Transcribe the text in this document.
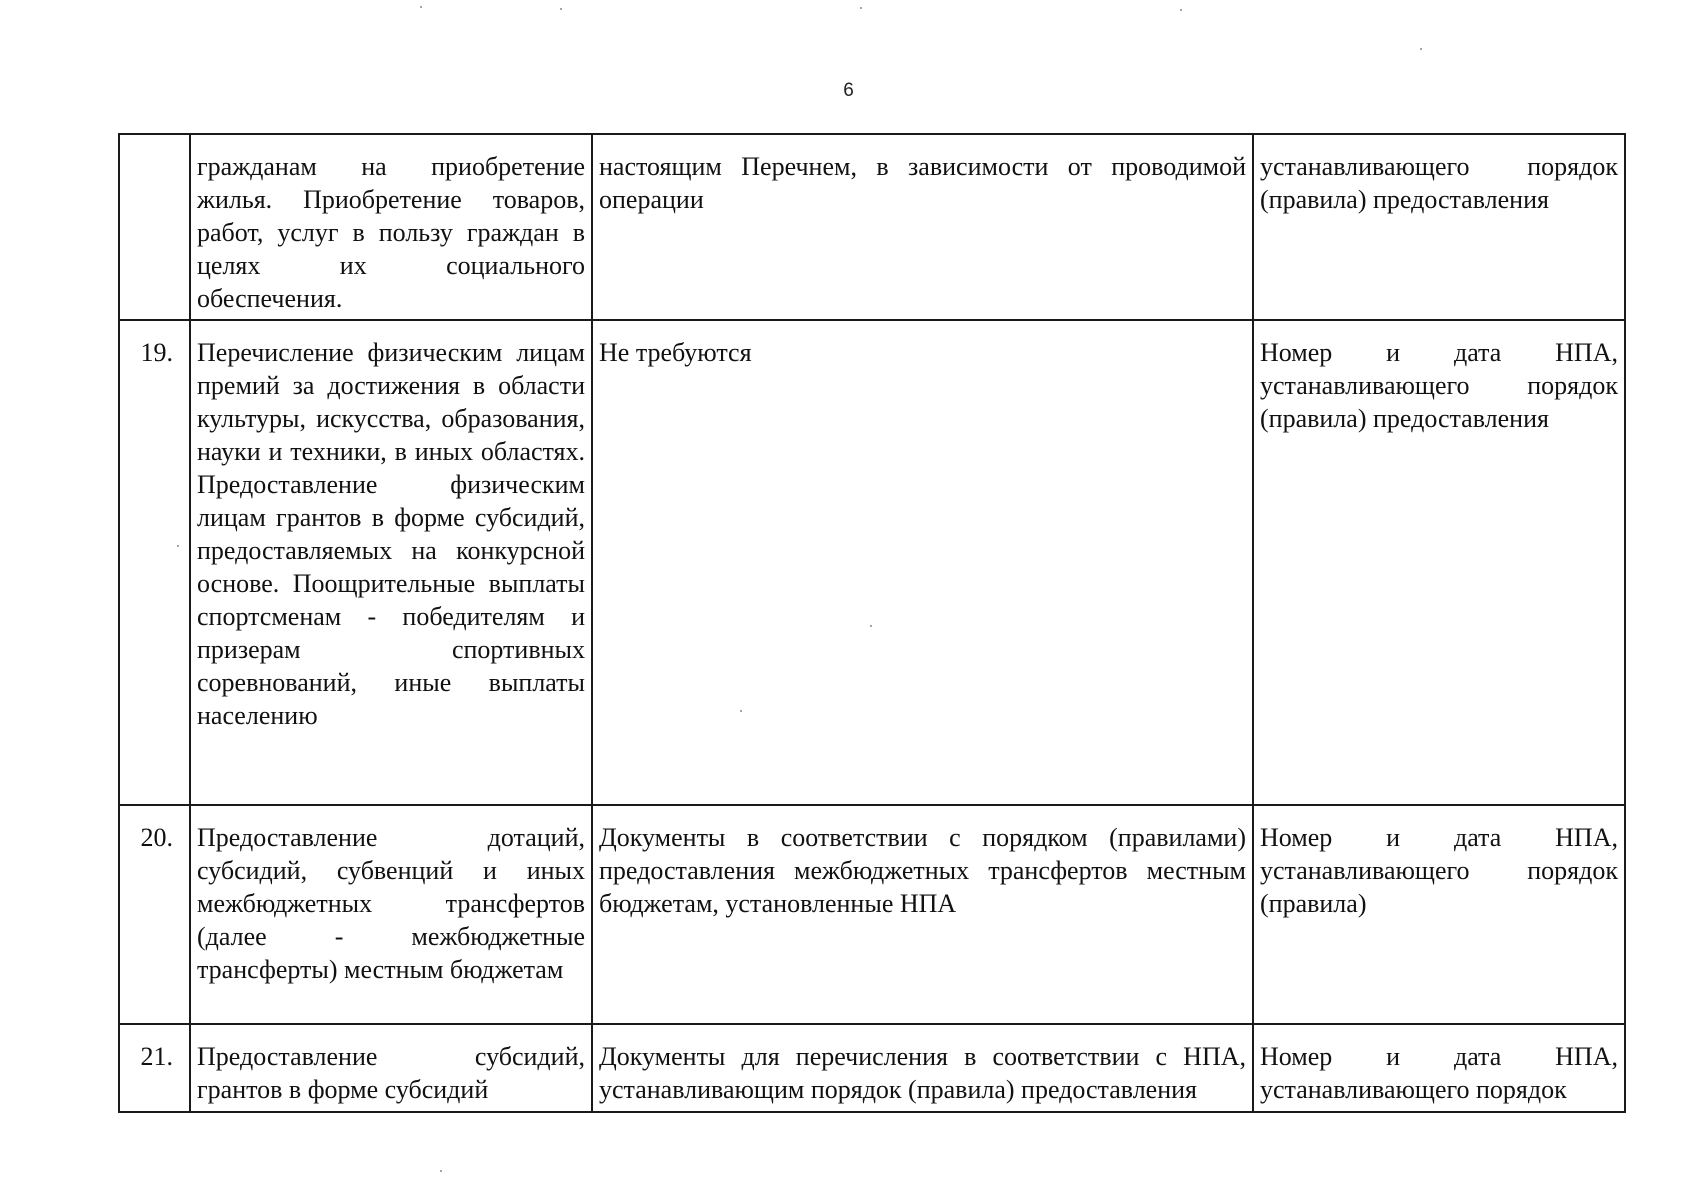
6
	гражданам на приобретение жилья. Приобретение товаров, работ, услуг в пользу граждан в целях их социального обеспечения.	настоящим Перечнем, в зависимости от проводимой операции	устанавливающего порядок (правила) предоставления
19.	Перечисление физическим лицам премий за достижения в области культуры, искусства, образования, науки и техники, в иных областях. Предоставление физическим лицам грантов в форме субсидий, предоставляемых на конкурсной основе. Поощрительные выплаты спортсменам - победителям и призерам спортивных соревнований, иные выплаты населению	Не требуются	Номер и дата НПА, устанавливающего порядок (правила) предоставления
20.	Предоставление дотаций, субсидий, субвенций и иных межбюджетных трансфертов (далее - межбюджетные трансферты) местным бюджетам	Документы в соответствии с порядком (правилами) предоставления межбюджетных трансфертов местным бюджетам, установленные НПА	Номер и дата НПА, устанавливающего порядок (правила)
21.	Предоставление субсидий, грантов в форме субсидий	Документы для перечисления в соответствии с НПА, устанавливающим порядок (правила) предоставления	Номер и дата НПА, устанавливающего порядок
